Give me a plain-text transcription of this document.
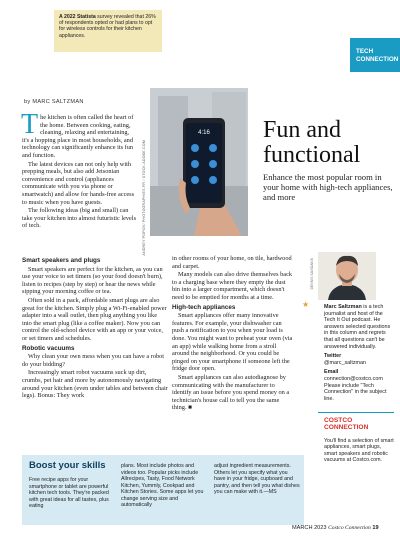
A 2022 Statista survey revealed that 26% of respondents opted or had plans to opt for wireless controls for their kitchen appliances.
TECH
CONNECTION
by MARC SALTZMAN

T he kitchen is often called the heart of the home. Between cooking, eating, cleaning, relaxing and entertaining, it's a hopping place in most households, and technology can significantly enhance its fun and function.

The latest devices can not only help with prepping meals, but also add Jetsonian convenience and control (appliances communicate with you via phone or smartwatch) and allow for hands-free access to music when you have guests.

The following ideas (big and small) can take your kitchen into almost futuristic levels of tech.	ANDREY POPOV/ PHOTOGRAPHIES.FR / STOCK.ADOBE.COM
4:16 Fun and
functional
Enhance the most popular room in your home with high-tech appliances, and more
Smart speakers and plugs

Smart speakers are perfect for the kitchen, as you can use your voice to set timers (so your food doesn't burn), listen to recipes (step by step) or hear the news while sipping your morning coffee or tea.

Often sold in a pack, affordable smart plugs are also great for the kitchen. Simply plug a Wi-Fi-enabled power adapter into a wall outlet, then plug anything you like into the smart plug (like a coffee maker). Now you can control the old-school device with an app or your voice, or set timers and schedules.

Robotic vacuums

Why clean your own mess when you can have a robot do your bidding?

Increasingly smart robot vacuums suck up dirt, crumbs, pet hair and more by autonomously navigating around your kitchen (even under tables and between chair legs). Bonus: They work

in other rooms of your home, on tile, hardwood and carpet.

Many models can also drive themselves back to a charging base where they empty the dust bin into a larger compartment, which doesn't need to be emptied for months at a time.

High-tech appliances

Smart appliances offer many innovative features. For example, your dishwasher can push a notification to you when your load is done. You might want to preheat your oven (via an app) while walking home from a stroll around the neighborhood. Or you could be pinged on your smartphone if someone left the fridge door open.

Smart appliances can also autodiagnose by communicating with the manufacturer to identify an issue before you spend money on a technician's house call to tell you the same thing. ■

DENNIS SAVIDAKIS
★	Marc Saltzman is a tech journalist and host of the Tech It Out podcast. He answers selected questions in this column and regrets that all questions can't be answered individually.
Twitter
@marc_saltzman
Email
connection@costco.com
Please include "Tech Connection" in the subject line.
COSTCO
CONNECTION
You'll find a selection of smart appliances, smart plugs, smart speakers and robotic vacuums at Costco.com.
Boost your skills
Free recipe apps for your smartphone or tablet are powerful kitchen tech tools. They're packed with great ideas for all tastes, plus eating
plans. Most include photos and videos too. Popular picks include Allrecipes, Tasty, Food Network Kitchen, Yummly, Cookpad and Kitchen Stories. Some apps let you change serving size and automatically
adjust ingredient measurements. Others let you specify what you have in your fridge, cupboard and pantry, and then tell you what dishes you can make with it.—MS
MARCH 2023 Costco Connection 19
